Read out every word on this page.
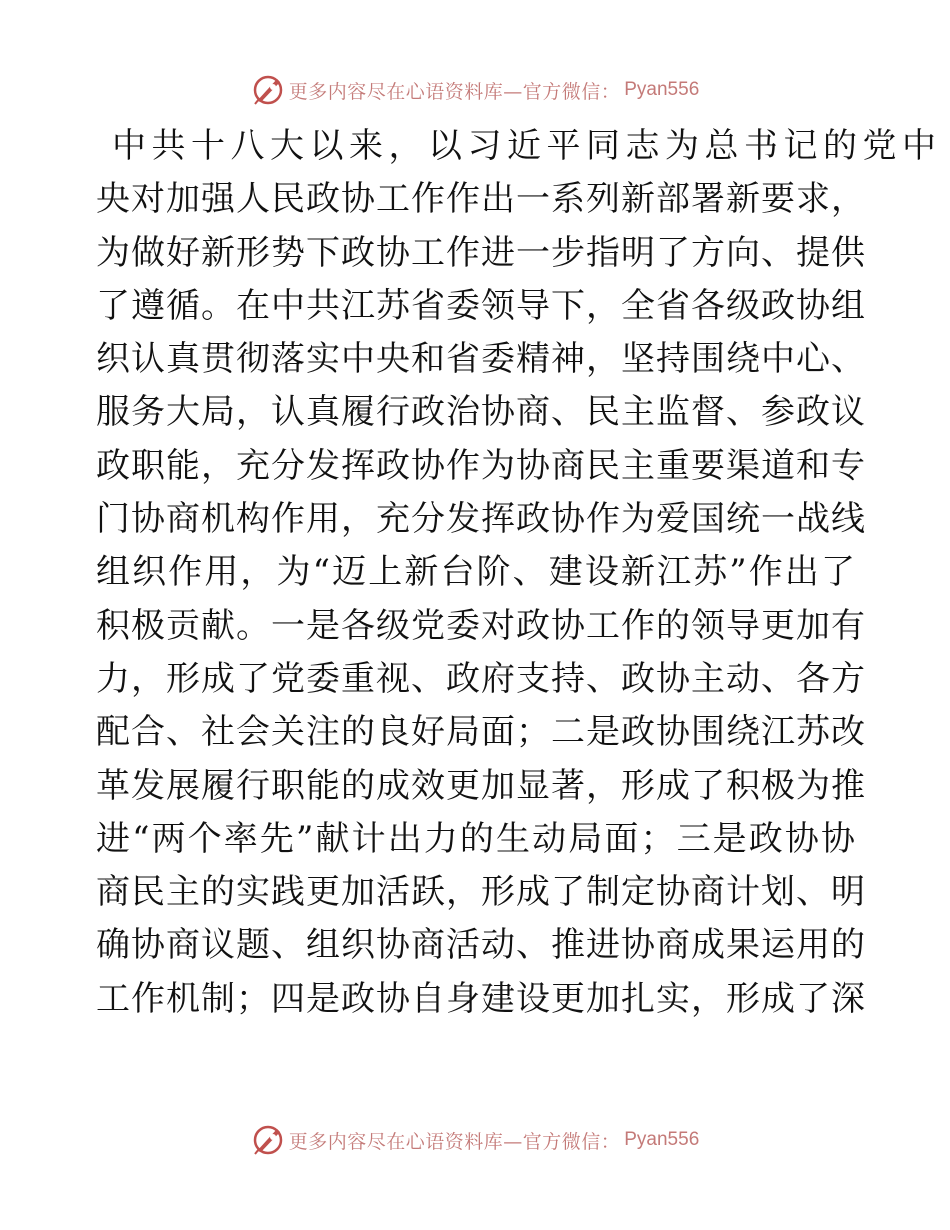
更多内容尽在心语资料库—官方微信： Pyan556
中共十八大以来，以习近平同志为总书记的党中
央对加强人民政协工作作出一系列新部署新要求，
为做好新形势下政协工作进一步指明了方向、提供
了遵循。在中共江苏省委领导下，全省各级政协组
织认真贯彻落实中央和省委精神，坚持围绕中心、
服务大局，认真履行政治协商、民主监督、参政议
政职能，充分发挥政协作为协商民主重要渠道和专
门协商机构作用，充分发挥政协作为爱国统一战线
组织作用，为“迈上新台阶、建设新江苏”作出了
积极贡献。一是各级党委对政协工作的领导更加有
力，形成了党委重视、政府支持、政协主动、各方
配合、社会关注的良好局面；二是政协围绕江苏改
革发展履行职能的成效更加显著，形成了积极为推
进“两个率先”献计出力的生动局面；三是政协协
商民主的实践更加活跃，形成了制定协商计划、明
确协商议题、组织协商活动、推进协商成果运用的
工作机制；四是政协自身建设更加扎实，形成了深
更多内容尽在心语资料库—官方微信： Pyan556
